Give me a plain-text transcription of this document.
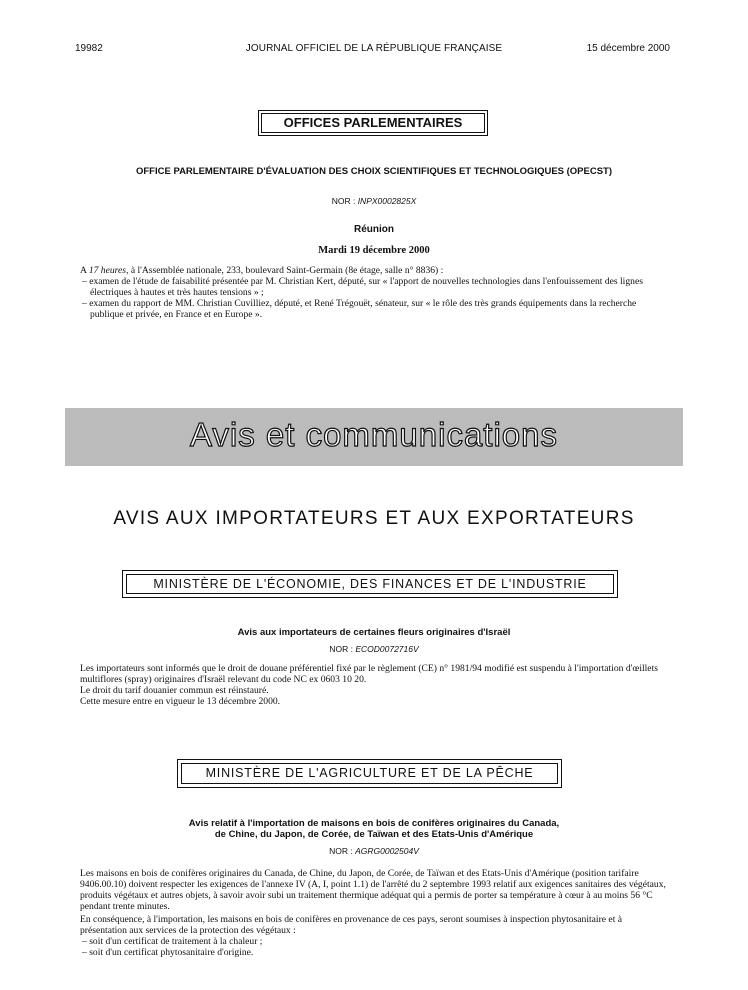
19982	JOURNAL OFFICIEL DE LA RÉPUBLIQUE FRANÇAISE	15 décembre 2000
OFFICES PARLEMENTAIRES
OFFICE PARLEMENTAIRE D'ÉVALUATION DES CHOIX SCIENTIFIQUES ET TECHNOLOGIQUES (OPECST)
NOR : INPX0002825X
Réunion
Mardi 19 décembre 2000
A 17 heures, à l'Assemblée nationale, 233, boulevard Saint-Germain (8e étage, salle n° 8836) :
– examen de l'étude de faisabilité présentée par M. Christian Kert, député, sur « l'apport de nouvelles technologies dans l'enfouissement des lignes électriques à hautes et très hautes tensions » ;
– examen du rapport de MM. Christian Cuvilliez, député, et René Trégouët, sénateur, sur « le rôle des très grands équipements dans la recherche publique et privée, en France et en Europe ».
Avis et communications
AVIS AUX IMPORTATEURS ET AUX EXPORTATEURS
MINISTÈRE DE L'ÉCONOMIE, DES FINANCES ET DE L'INDUSTRIE
Avis aux importateurs de certaines fleurs originaires d'Israël
NOR : ECOD0072716V
Les importateurs sont informés que le droit de douane préférentiel fixé par le règlement (CE) n° 1981/94 modifié est suspendu à l'importation d'œillets multiflores (spray) originaires d'Israël relevant du code NC ex 0603 10 20.
Le droit du tarif douanier commun est réinstauré.
Cette mesure entre en vigueur le 13 décembre 2000.
MINISTÈRE DE L'AGRICULTURE ET DE LA PÊCHE
Avis relatif à l'importation de maisons en bois de conifères originaires du Canada,
de Chine, du Japon, de Corée, de Taïwan et des Etats-Unis d'Amérique
NOR : AGRG0002504V
Les maisons en bois de conifères originaires du Canada, de Chine, du Japon, de Corée, de Taïwan et des Etats-Unis d'Amérique (position tarifaire 9406.00.10) doivent respecter les exigences de l'annexe IV (A, I, point 1.1) de l'arrêté du 2 septembre 1993 relatif aux exigences sanitaires des végétaux, produits végétaux et autres objets, à savoir avoir subi un traitement thermique adéquat qui a permis de porter sa température à cœur à au moins 56 °C pendant trente minutes.
En conséquence, à l'importation, les maisons en bois de conifères en provenance de ces pays, seront soumises à inspection phytosanitaire et à présentation aux services de la protection des végétaux :
– soit d'un certificat de traitement à la chaleur ;
– soit d'un certificat phytosanitaire d'origine.
